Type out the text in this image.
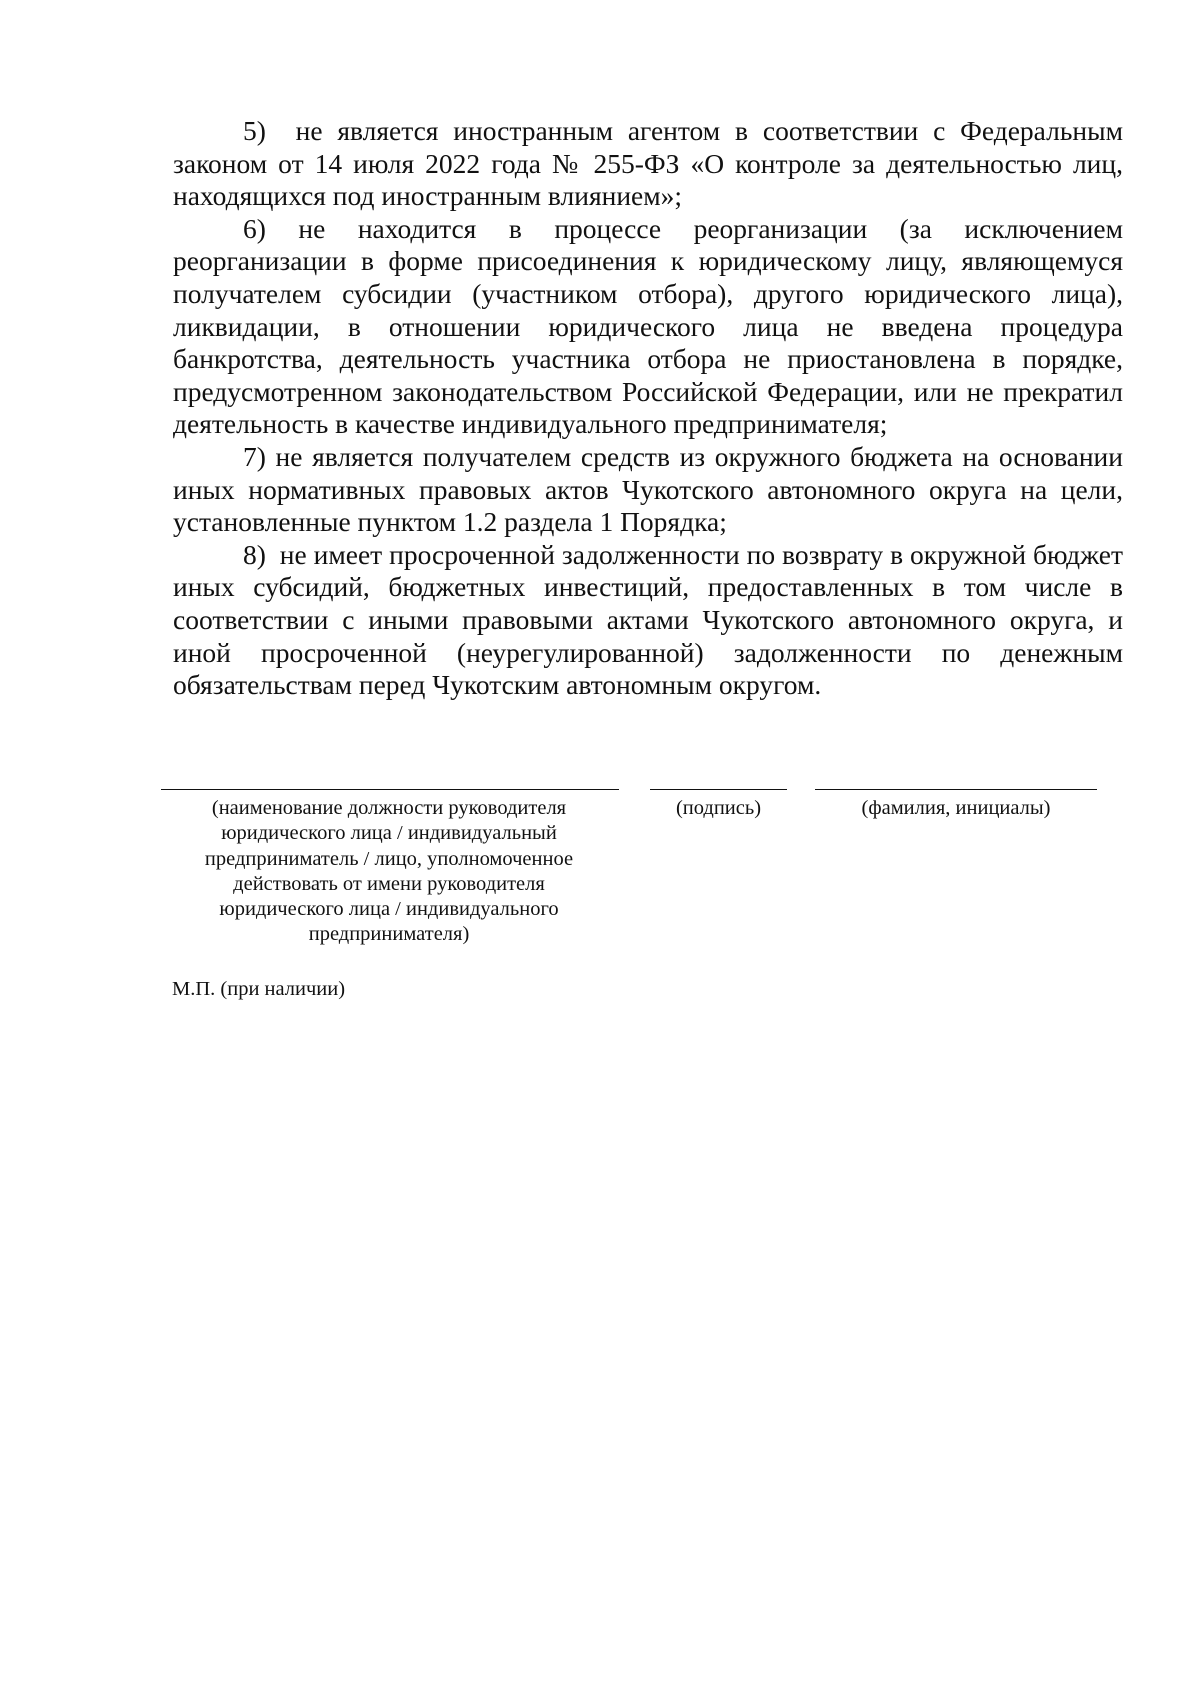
5)  не является иностранным агентом в соответствии с Федеральным законом от 14 июля 2022 года № 255-ФЗ «О контроле за деятельностью лиц, находящихся под иностранным влиянием»;

6) не находится в процессе реорганизации (за исключением реорганизации в форме присоединения к юридическому лицу, являющемуся получателем субсидии (участником отбора), другого юридического лица), ликвидации, в отношении юридического лица не введена процедура банкротства, деятельность участника отбора не приостановлена в порядке, предусмотренном законодательством Российской Федерации, или не прекратил деятельность в качестве индивидуального предпринимателя;

7) не является получателем средств из окружного бюджета на основании иных нормативных правовых актов Чукотского автономного округа на цели, установленные пунктом 1.2 раздела 1 Порядка;

8)  не имеет просроченной задолженности по возврату в окружной бюджет иных субсидий, бюджетных инвестиций, предоставленных в том числе в соответствии с иными правовыми актами Чукотского автономного округа, и иной просроченной (неурегулированной) задолженности по денежным обязательствам перед Чукотским автономным округом.

(наименование должности руководителя юридического лица / индивидуальный предприниматель / лицо, уполномоченное действовать от имени руководителя юридического лица / индивидуального предпринимателя)
(подпись)	(фамилия, инициалы)
М.П. (при наличии)
